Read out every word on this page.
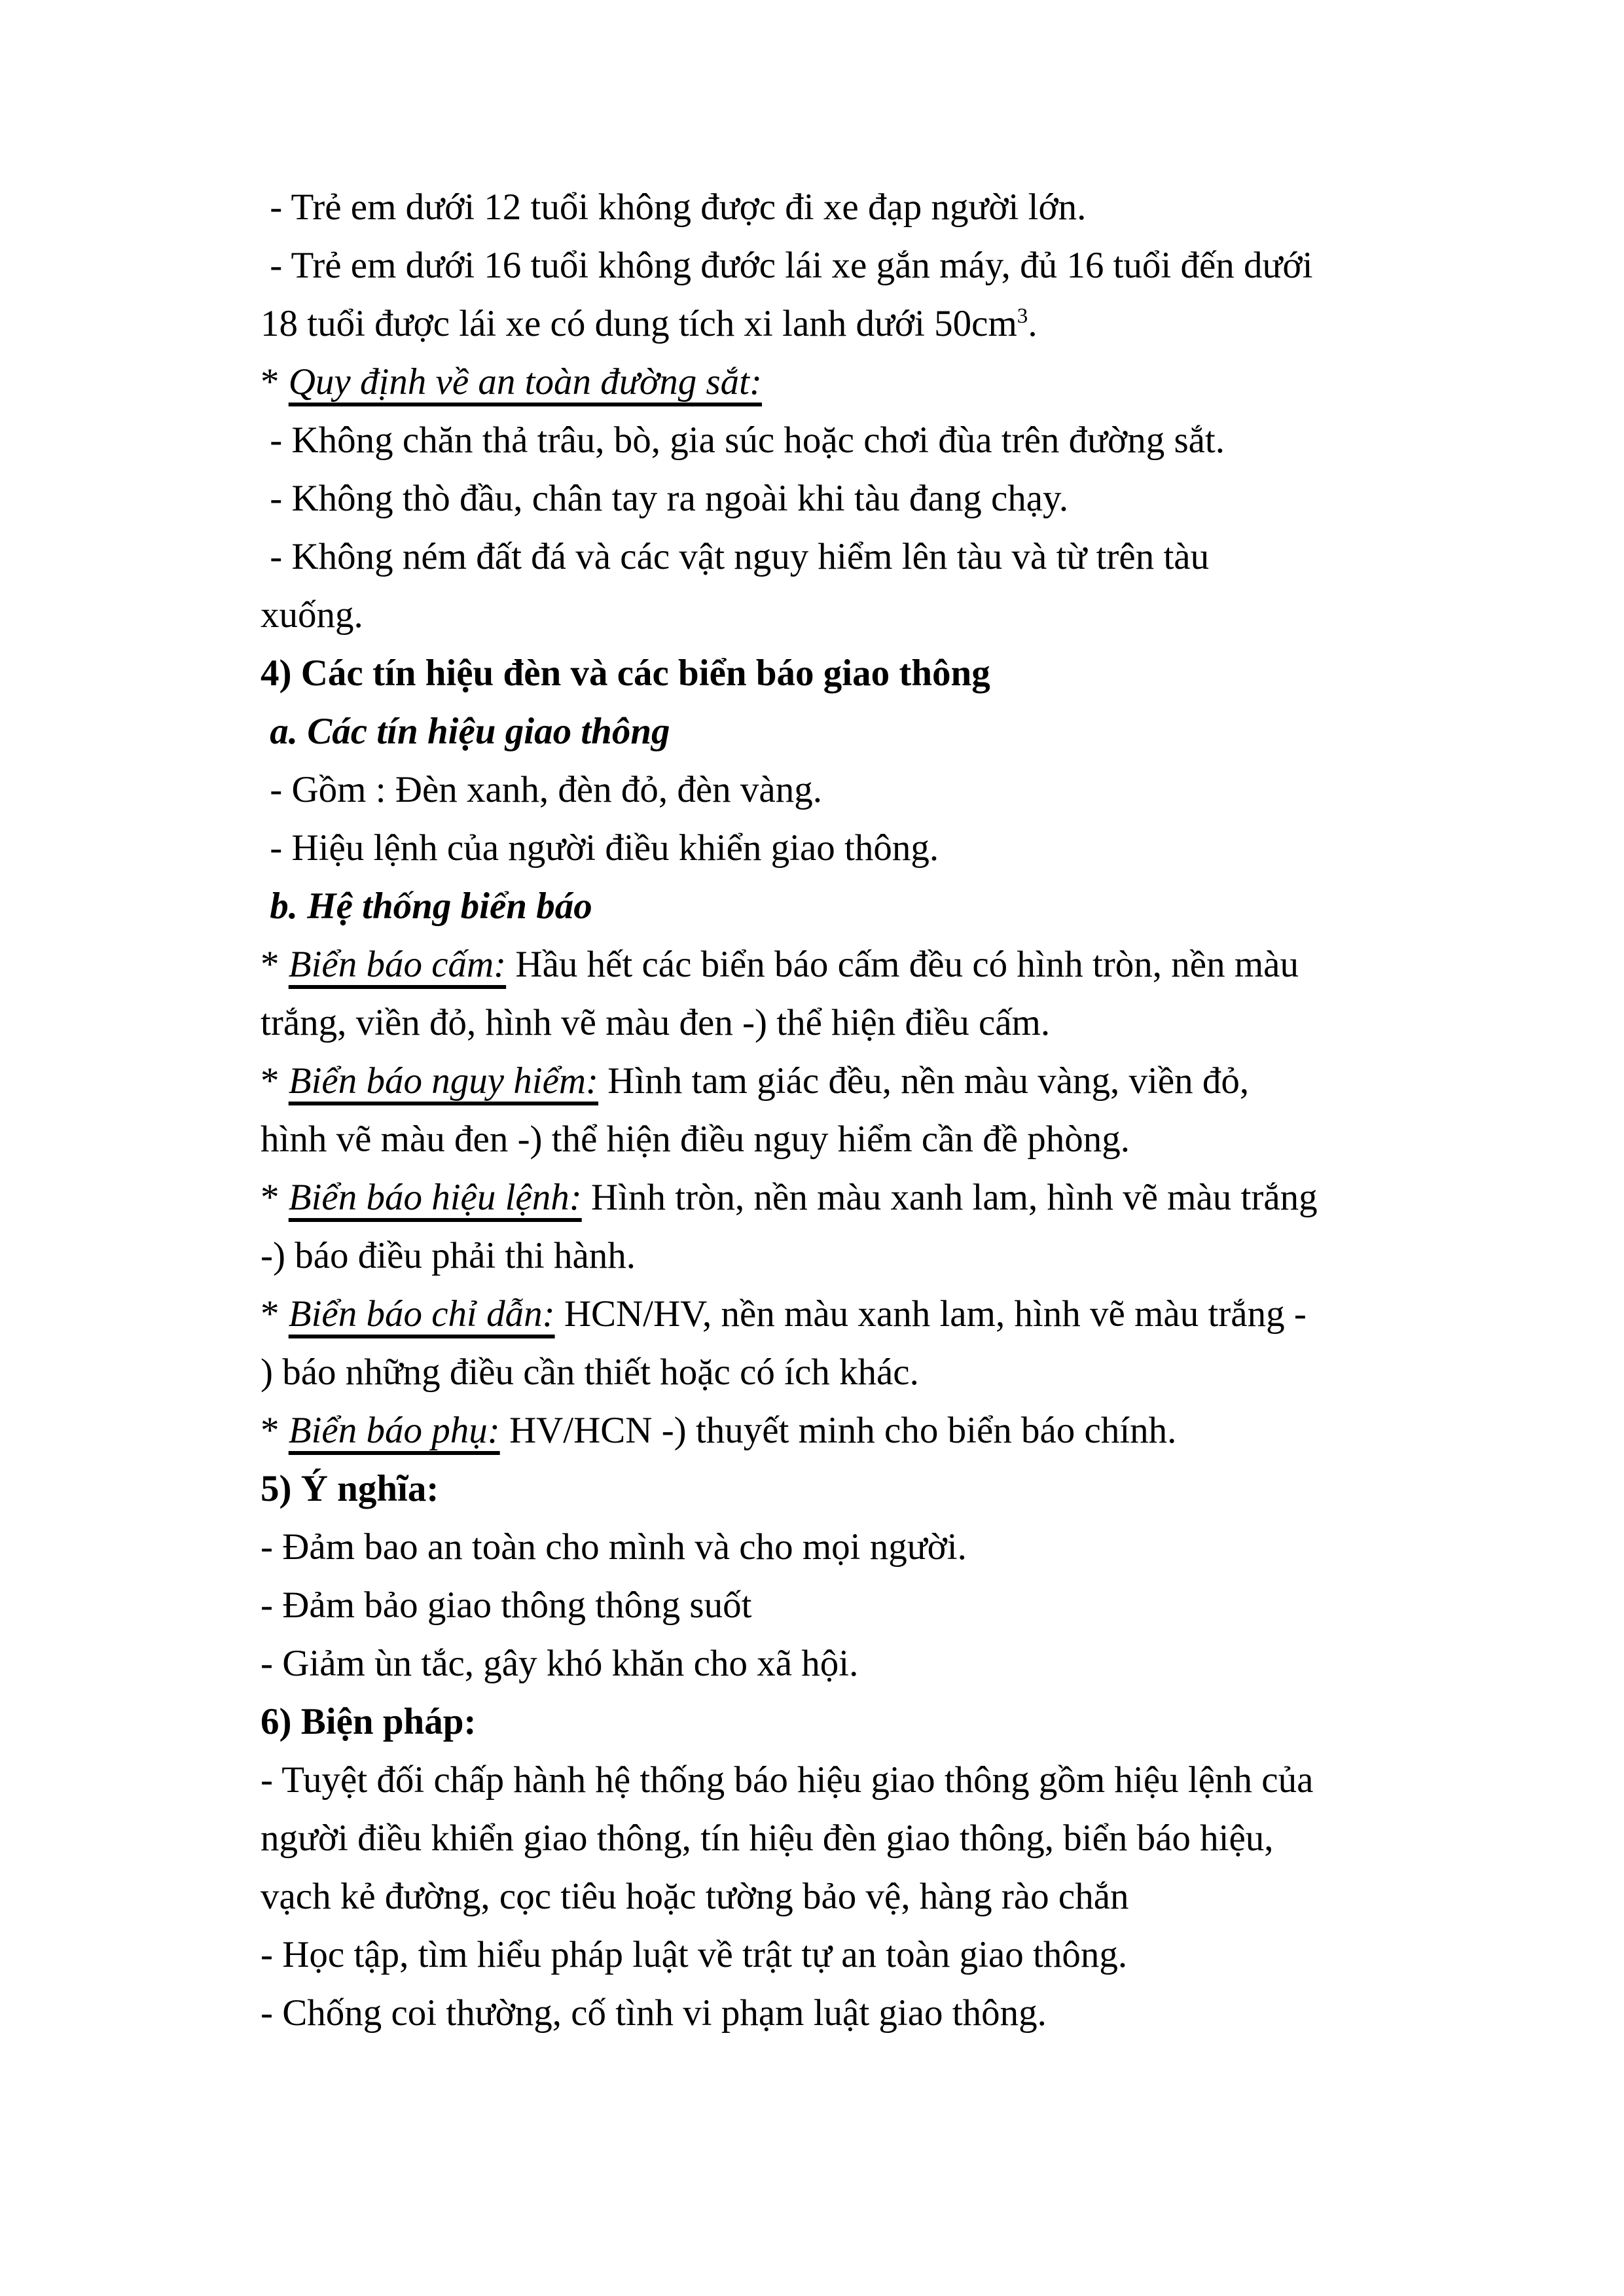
- Trẻ em dưới 12 tuổi không được đi xe đạp người lớn.
- Trẻ em dưới 16 tuổi không đước lái xe gắn máy, đủ 16 tuổi đến dưới
18 tuổi được lái xe có dung tích xi lanh dưới $50cm^3$.
* Quy định về an toàn đường sắt:
- Không chăn thả trâu, bò, gia súc hoặc chơi đùa trên đường sắt.
- Không thò đầu, chân tay ra ngoài khi tàu đang chạy.
- Không ném đất đá và các vật nguy hiểm lên tàu và từ trên tàu
xuống.
4) Các tín hiệu đèn và các biển báo giao thông
a. Các tín hiệu giao thông
- Gồm : Đèn xanh, đèn đỏ, đèn vàng.
- Hiệu lệnh của người điều khiển giao thông.
b. Hệ thống biển báo
* Biển báo cấm: Hầu hết các biển báo cấm đều có hình tròn, nền màu
trắng, viền đỏ, hình vẽ màu đen -) thể hiện điều cấm.
* Biển báo nguy hiểm: Hình tam giác đều, nền màu vàng, viền đỏ,
hình vẽ màu đen -) thể hiện điều nguy hiểm cần đề phòng.
* Biển báo hiệu lệnh: Hình tròn, nền màu xanh lam, hình vẽ màu trắng
-) báo điều phải thi hành.
* Biển báo chỉ dẫn: HCN/HV, nền màu xanh lam, hình vẽ màu trắng -
) báo những điều cần thiết hoặc có ích khác.
* Biển báo phụ: HV/HCN -) thuyết minh cho biển báo chính.
5) Ý nghĩa:
- Đảm bao an toàn cho mình và cho mọi người.
- Đảm bảo giao thông thông suốt
- Giảm ùn tắc, gây khó khăn cho xã hội.
6) Biện pháp:
- Tuyệt đối chấp hành hệ thống báo hiệu giao thông gồm hiệu lệnh của
người điều khiển giao thông, tín hiệu đèn giao thông, biển báo hiệu,
vạch kẻ đường, cọc tiêu hoặc tường bảo vệ, hàng rào chắn
- Học tập, tìm hiểu pháp luật về trật tự an toàn giao thông.
- Chống coi thường, cố tình vi phạm luật giao thông.
